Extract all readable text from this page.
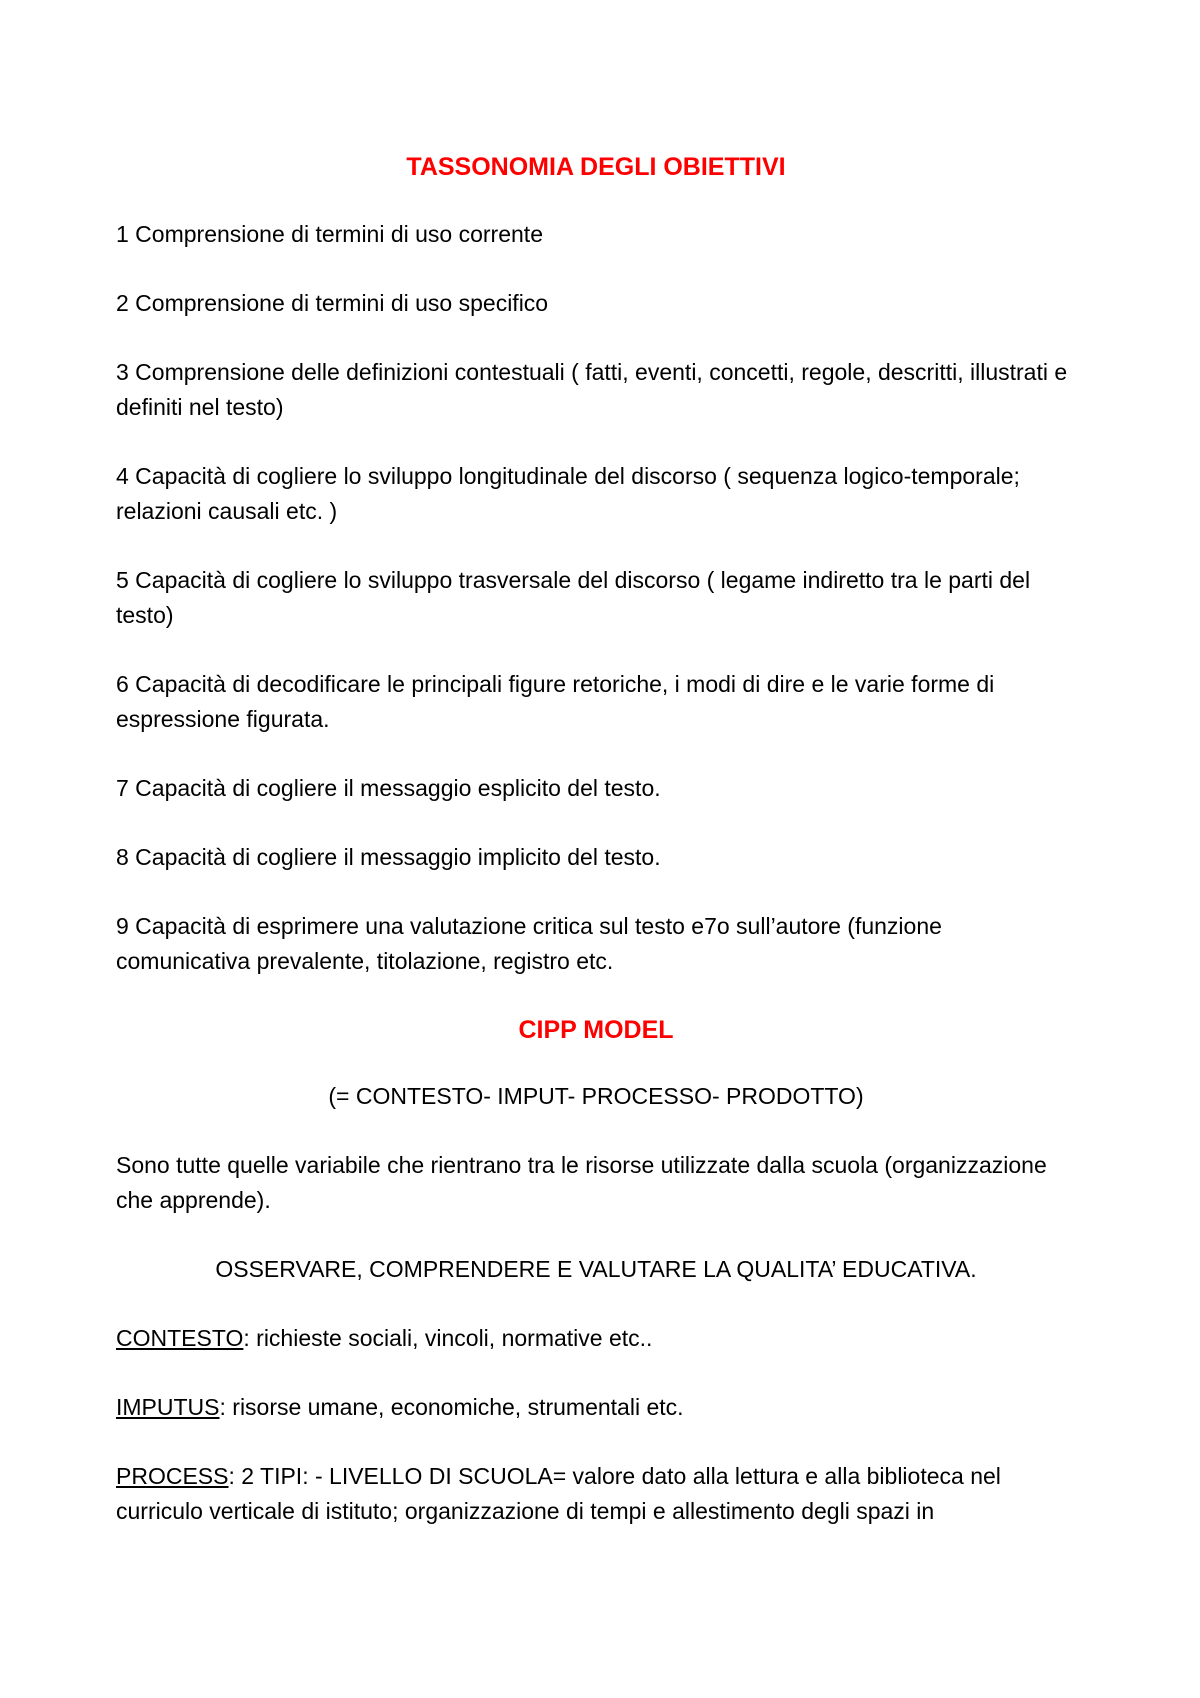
TASSONOMIA DEGLI OBIETTIVI

1 Comprensione di termini di uso corrente

2 Comprensione di termini di uso specifico

3 Comprensione delle definizioni contestuali ( fatti, eventi, concetti, regole, descritti, illustrati e definiti nel testo)

4 Capacità di cogliere lo sviluppo longitudinale del discorso ( sequenza logico-temporale; relazioni causali etc. )

5 Capacità di cogliere lo sviluppo trasversale del discorso ( legame indiretto tra le parti del testo)

6 Capacità di decodificare le principali figure retoriche, i modi di dire e le varie forme di espressione figurata.

7 Capacità di cogliere il messaggio esplicito del testo.

8 Capacità di cogliere il messaggio implicito del testo.

9 Capacità di esprimere una valutazione critica sul testo e7o sull’autore (funzione comunicativa prevalente, titolazione, registro etc.

CIPP MODEL

(= CONTESTO- IMPUT- PROCESSO- PRODOTTO)

Sono tutte quelle variabile che rientrano tra le risorse utilizzate dalla scuola (organizzazione che apprende).

OSSERVARE, COMPRENDERE E VALUTARE LA QUALITA’ EDUCATIVA.

CONTESTO: richieste sociali, vincoli, normative etc..

IMPUTUS: risorse umane, economiche, strumentali etc.

PROCESS: 2 TIPI: - LIVELLO DI SCUOLA= valore dato alla lettura e alla biblioteca nel curriculo verticale di istituto; organizzazione di tempi e allestimento degli spazi in
